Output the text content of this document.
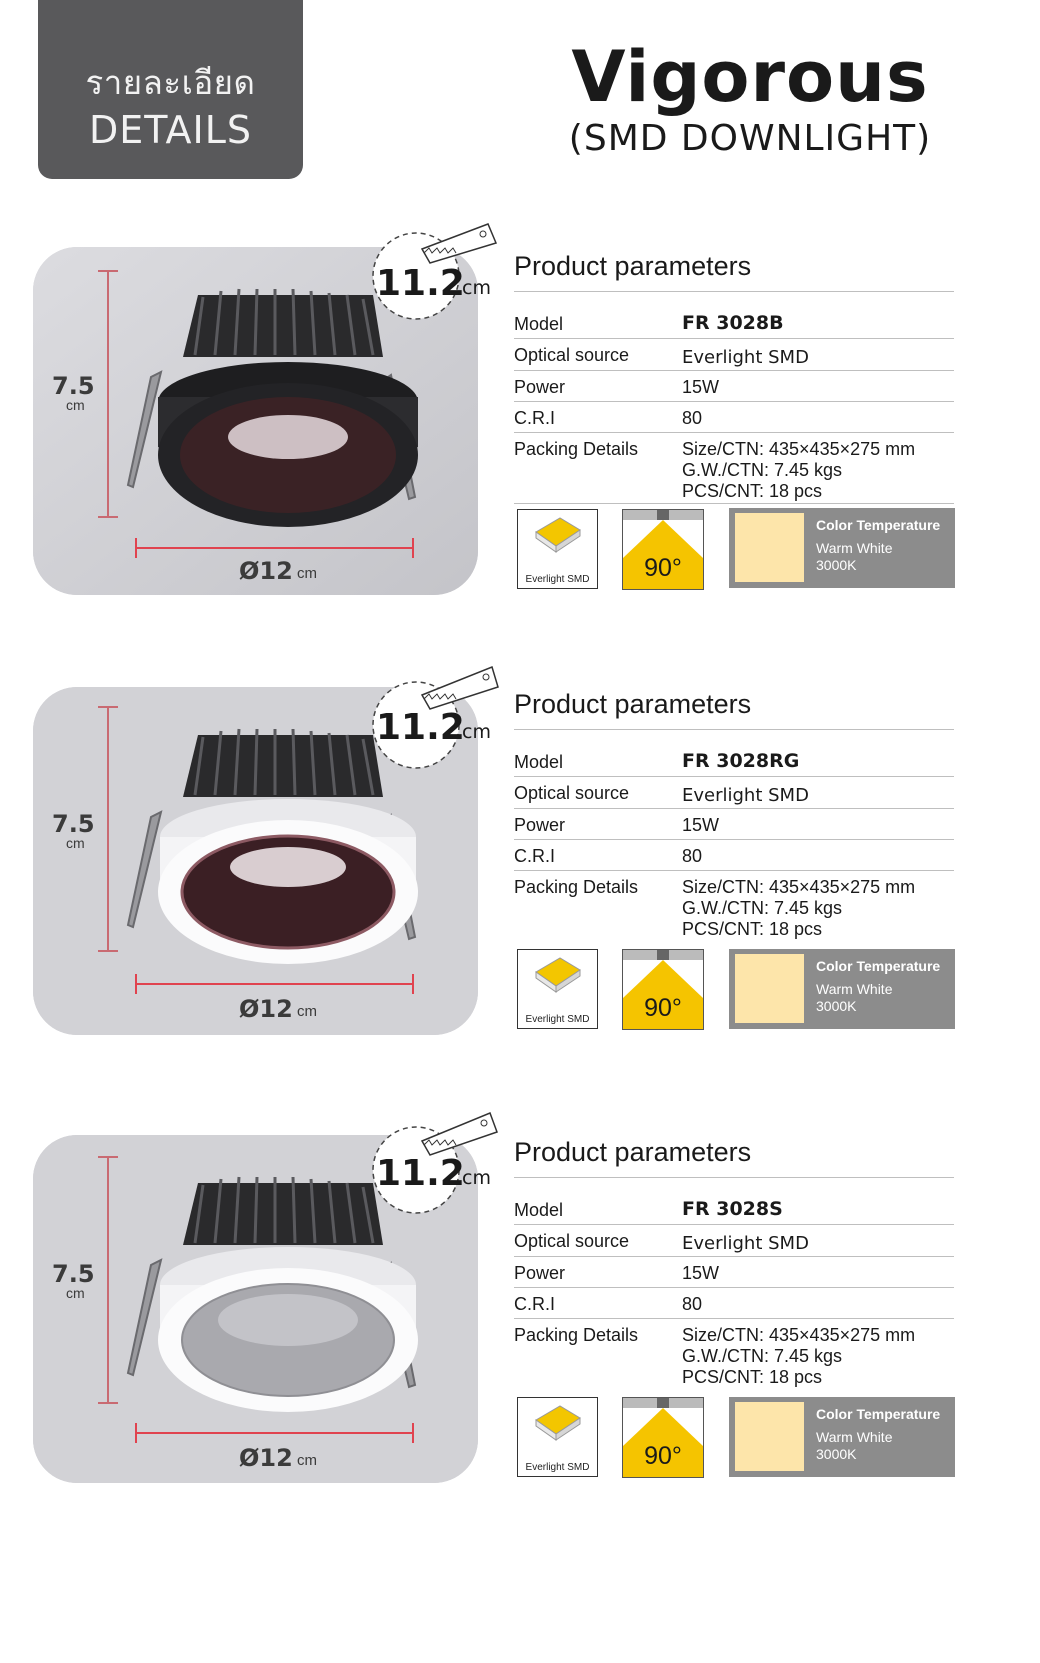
รายละเอียด
DETAILS
Vigorous
(SMD DOWNLIGHT)
7.5
cm
Ø12 cm
11.2
cm
Product parameters
Model	FR 3028B
Optical source	Everlight SMD
Power	15W
C.R.I	80
Packing Details Size/CTN: 435×435×275 mm
G.W./CTN: 7.45 kgs
PCS/CNT: 18 pcs
Everlight SMD	90°
Color Temperature
Warm White
3000K
7.5
cm
Ø12 cm
11.2
cm
Product parameters
Model	FR 3028RG
Optical source	Everlight SMD
Power	15W
C.R.I	80
Packing Details Size/CTN: 435×435×275 mm
G.W./CTN: 7.45 kgs
PCS/CNT: 18 pcs
Everlight SMD	90°
Color Temperature
Warm White
3000K
7.5
cm
Ø12 cm
11.2
cm
Product parameters
Model	FR 3028S
Optical source	Everlight SMD
Power	15W
C.R.I	80
Packing Details Size/CTN: 435×435×275 mm
G.W./CTN: 7.45 kgs
PCS/CNT: 18 pcs
Everlight SMD	90°
Color Temperature
Warm White
3000K
